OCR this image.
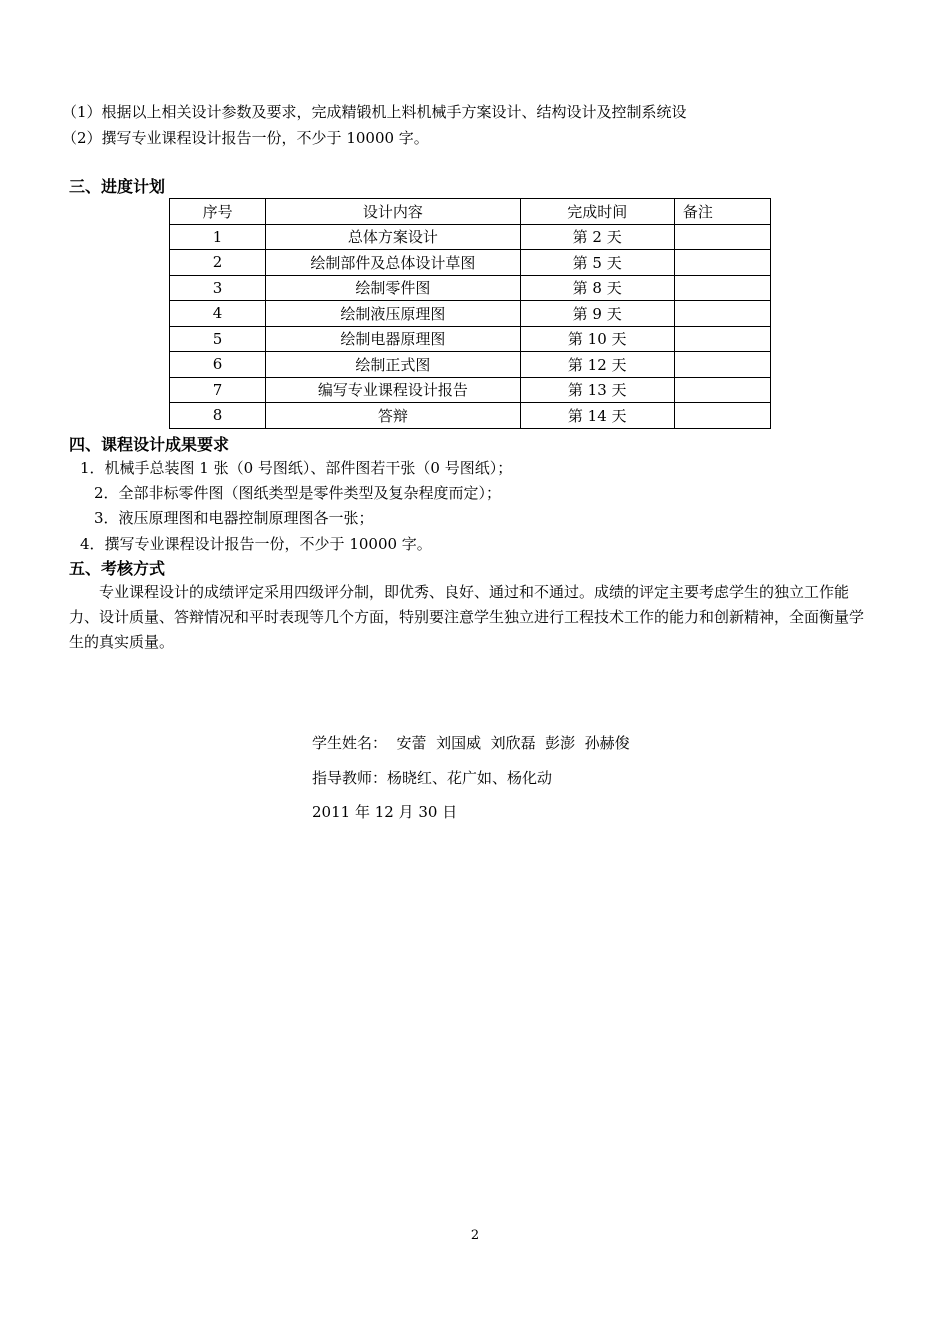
（1）根据以上相关设计参数及要求，完成精锻机上料机械手方案设计、结构设计及控制系统设
（2）撰写专业课程设计报告一份，不少于 10000 字。
三、进度计划
序号	设计内容	完成时间	备注
1	总体方案设计	第 2 天	
2	绘制部件及总体设计草图	第 5 天	
3	绘制零件图	第 8 天	
4	绘制液压原理图	第 9 天	
5	绘制电器原理图	第 10 天	
6	绘制正式图	第 12 天	
7	编写专业课程设计报告	第 13 天	
8	答辩	第 14 天	
四、课程设计成果要求
1．机械手总装图 1 张（0 号图纸）、部件图若干张（0 号图纸）；
2．全部非标零件图（图纸类型是零件类型及复杂程度而定）；
3．液压原理图和电器控制原理图各一张；
4．撰写专业课程设计报告一份，不少于 10000 字。
五、考核方式
专业课程设计的成绩评定采用四级评分制，即优秀、良好、通过和不通过。成绩的评定主要考虑学生的独立工作能力、设计质量、答辩情况和平时表现等几个方面，特别要注意学生独立进行工程技术工作的能力和创新精神，全面衡量学生的真实质量。
学生姓名：  安蕾  刘国威  刘欣磊  彭澎  孙赫俊
指导教师：杨晓红、花广如、杨化动
2011 年 12 月 30 日
2
